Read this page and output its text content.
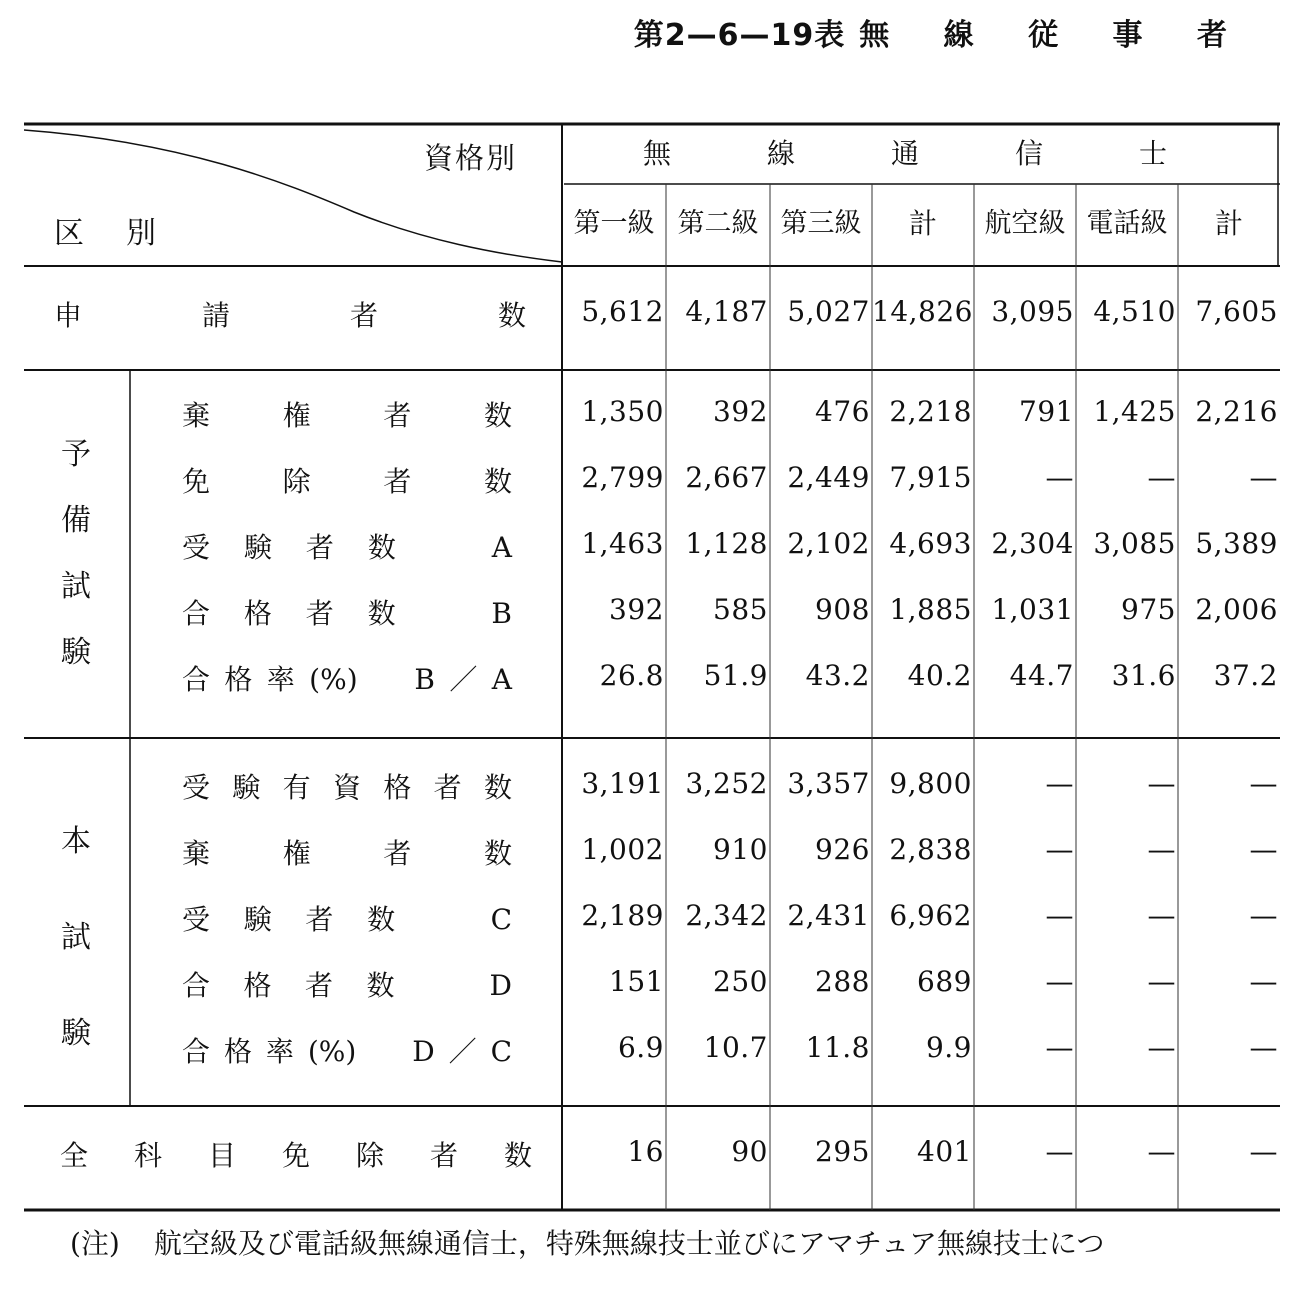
第2—6—19表 無 線 従 事 者
資格別
区　別
無　線　通　信　士
第一級 第二級 第三級	計	航空級 電話級	計
申請者数	5,612 4,187 5,027 14,826 3,095 4,510 7,605
予
備
試
験
棄権者数	1,350	392	476 2,218	791 1,425 2,216
免除者数	2,799 2,667 2,449 7,915	—	—	—
受験者数　A	1,463 1,128 2,102 4,693 2,304 3,085 5,389
合格者数　B	392	585	908 1,885 1,031	975 2,006
合格率(%)　B／A	26.8	51.9	43.2	40.2	44.7	31.6	37.2
本
試
験
受験有資格者数	3,191 3,252 3,357 9,800	—	—	—
棄権者数	1,002	910	926 2,838	—	—	—
受験者数　C	2,189 2,342 2,431 6,962	—	—	—
合格者数　D	151	250	288	689	—	—	—
合格率(%)　D／C	6.9	10.7	11.8	9.9	—	—	—
全科目免除者数	16	90	295	401	—	—	—
(注) 航空級及び電話級無線通信士，特殊無線技士並びにアマチュア無線技士につ
